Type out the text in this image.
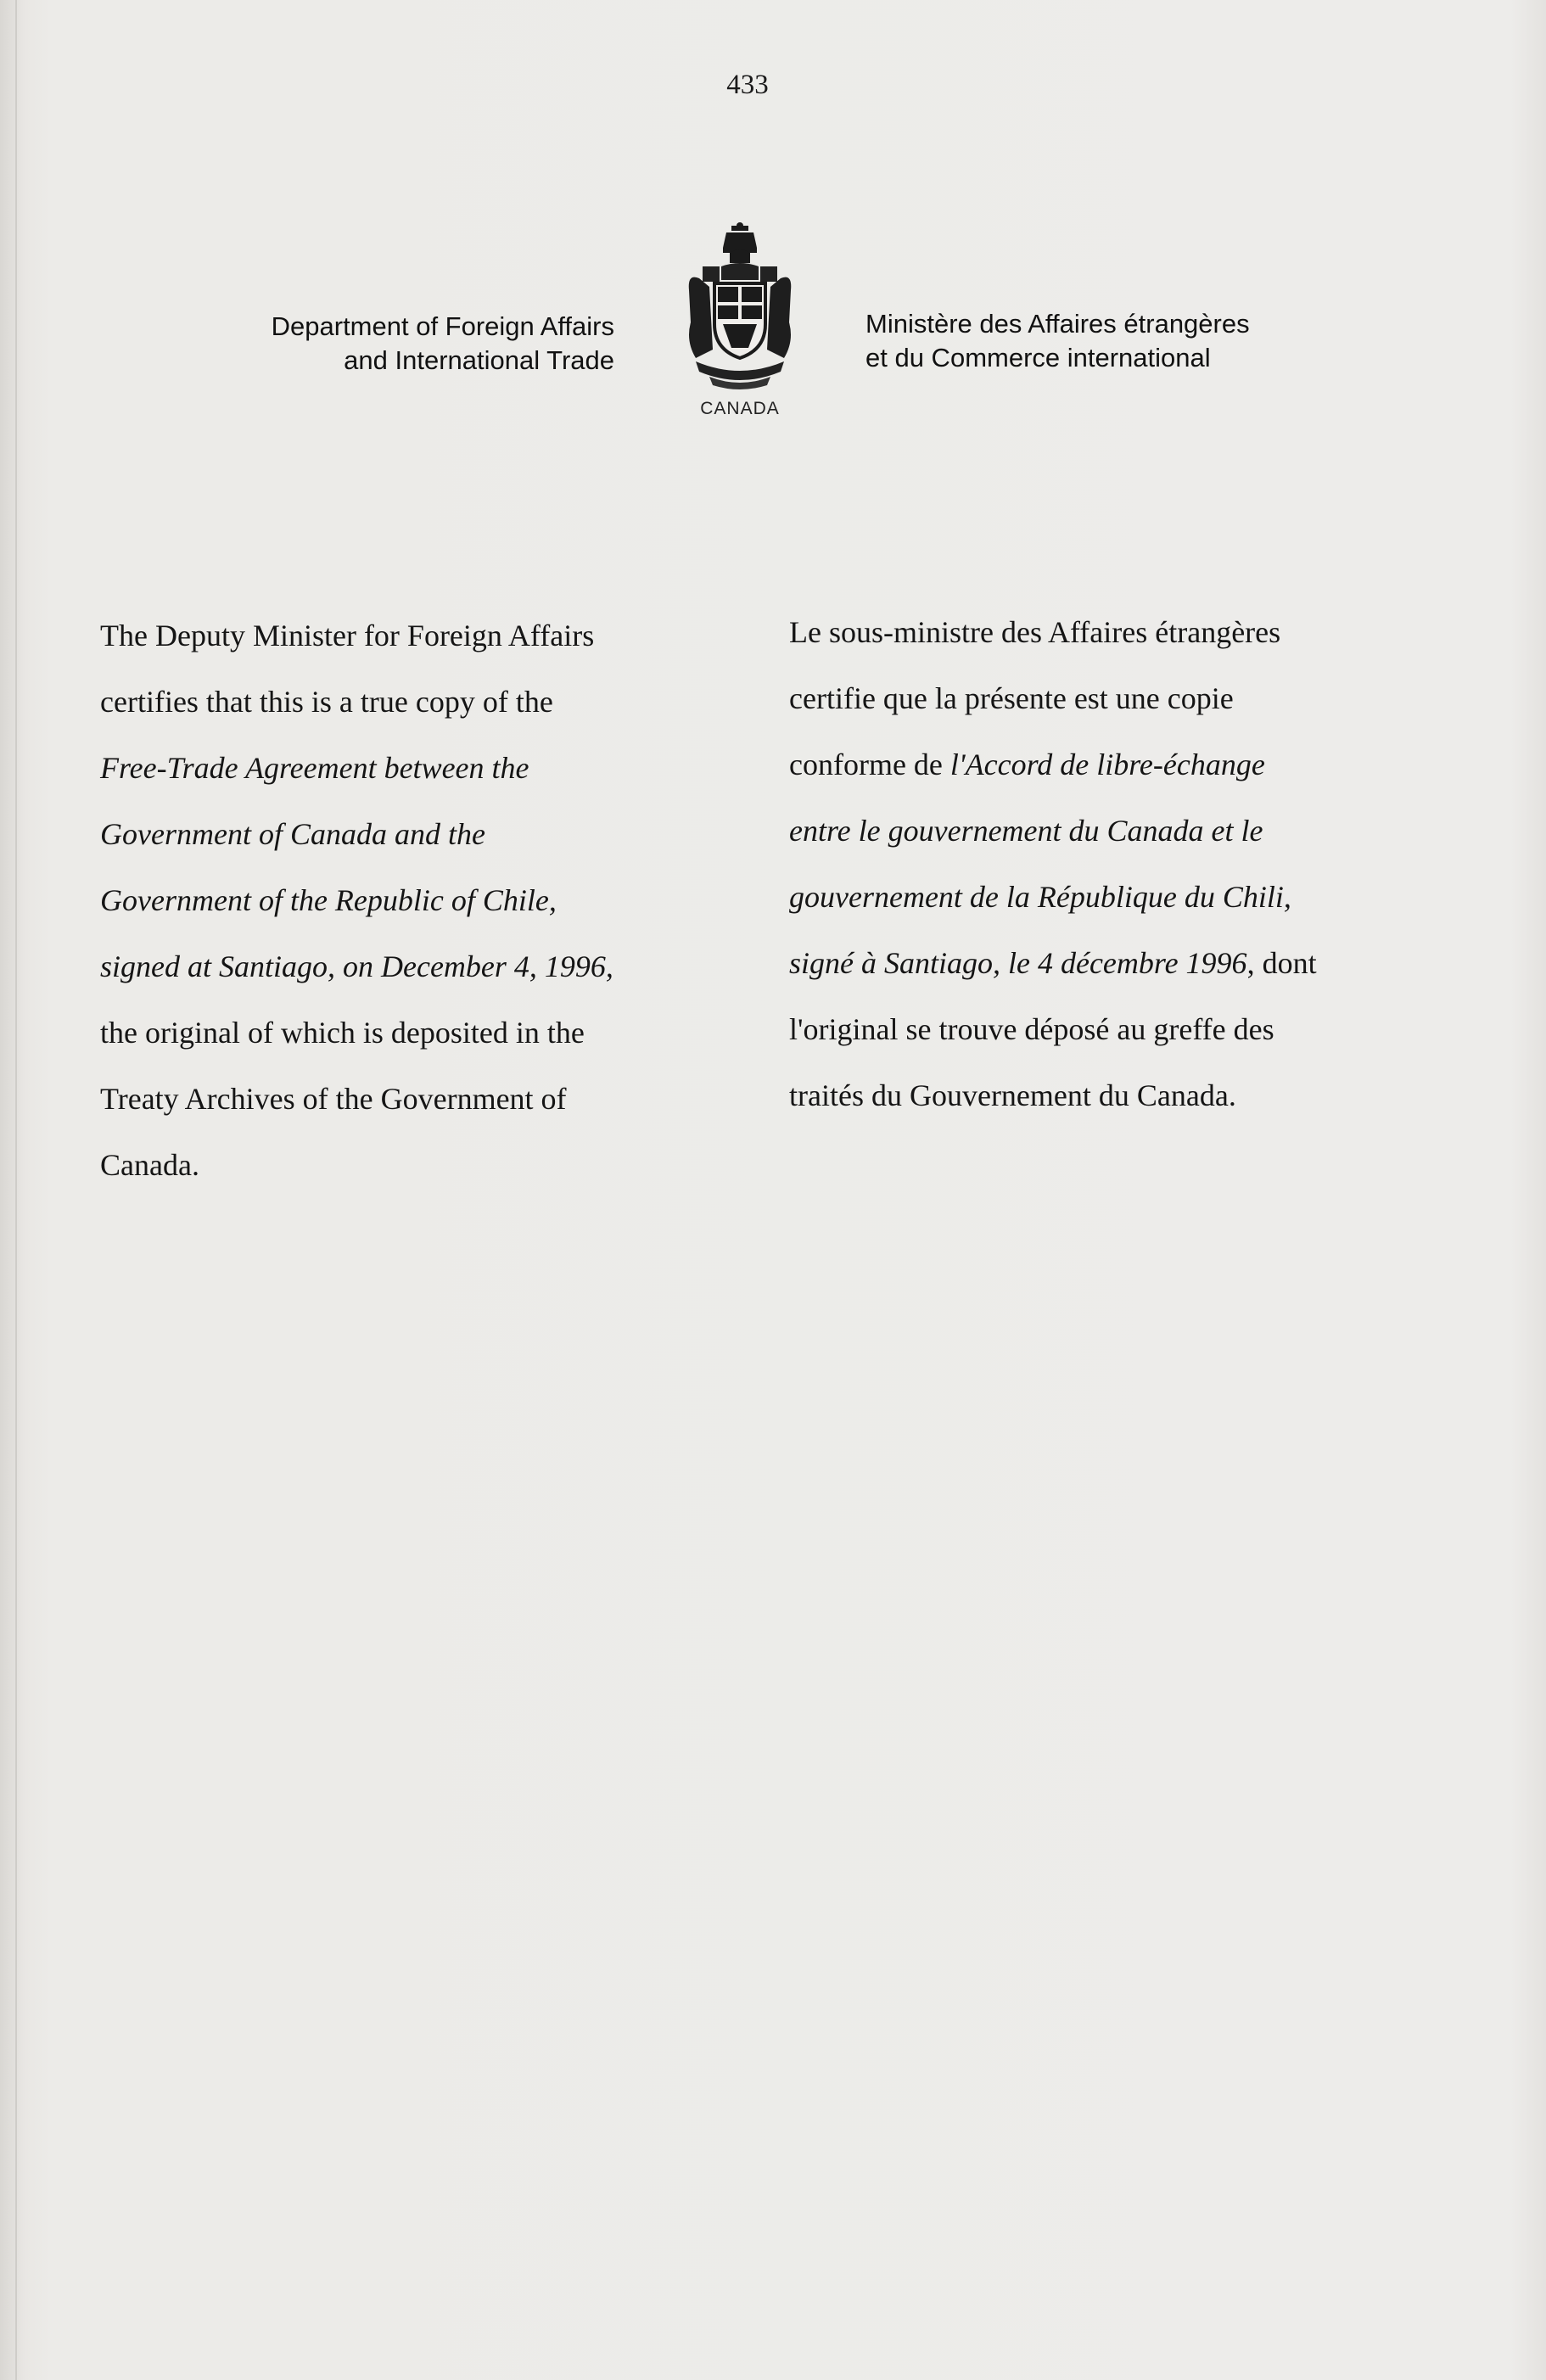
433
Department of Foreign Affairs
and International Trade
CANADA
Ministère des Affaires étrangères
et du Commerce international
The Deputy Minister for Foreign Affairs
certifies that this is a true copy of the
Free-Trade Agreement between the
Government of Canada and the
Government of the Republic of Chile,
signed at Santiago, on December 4, 1996,
the original of which is deposited in the
Treaty Archives of the Government of
Canada.
Le sous-ministre des Affaires étrangères
certifie que la présente est une copie
conforme de l'Accord de libre-échange
entre le gouvernement du Canada et le
gouvernement de la République du Chili,
signé à Santiago, le 4 décembre 1996, dont
l'original se trouve déposé au greffe des
traités du Gouvernement du Canada.
